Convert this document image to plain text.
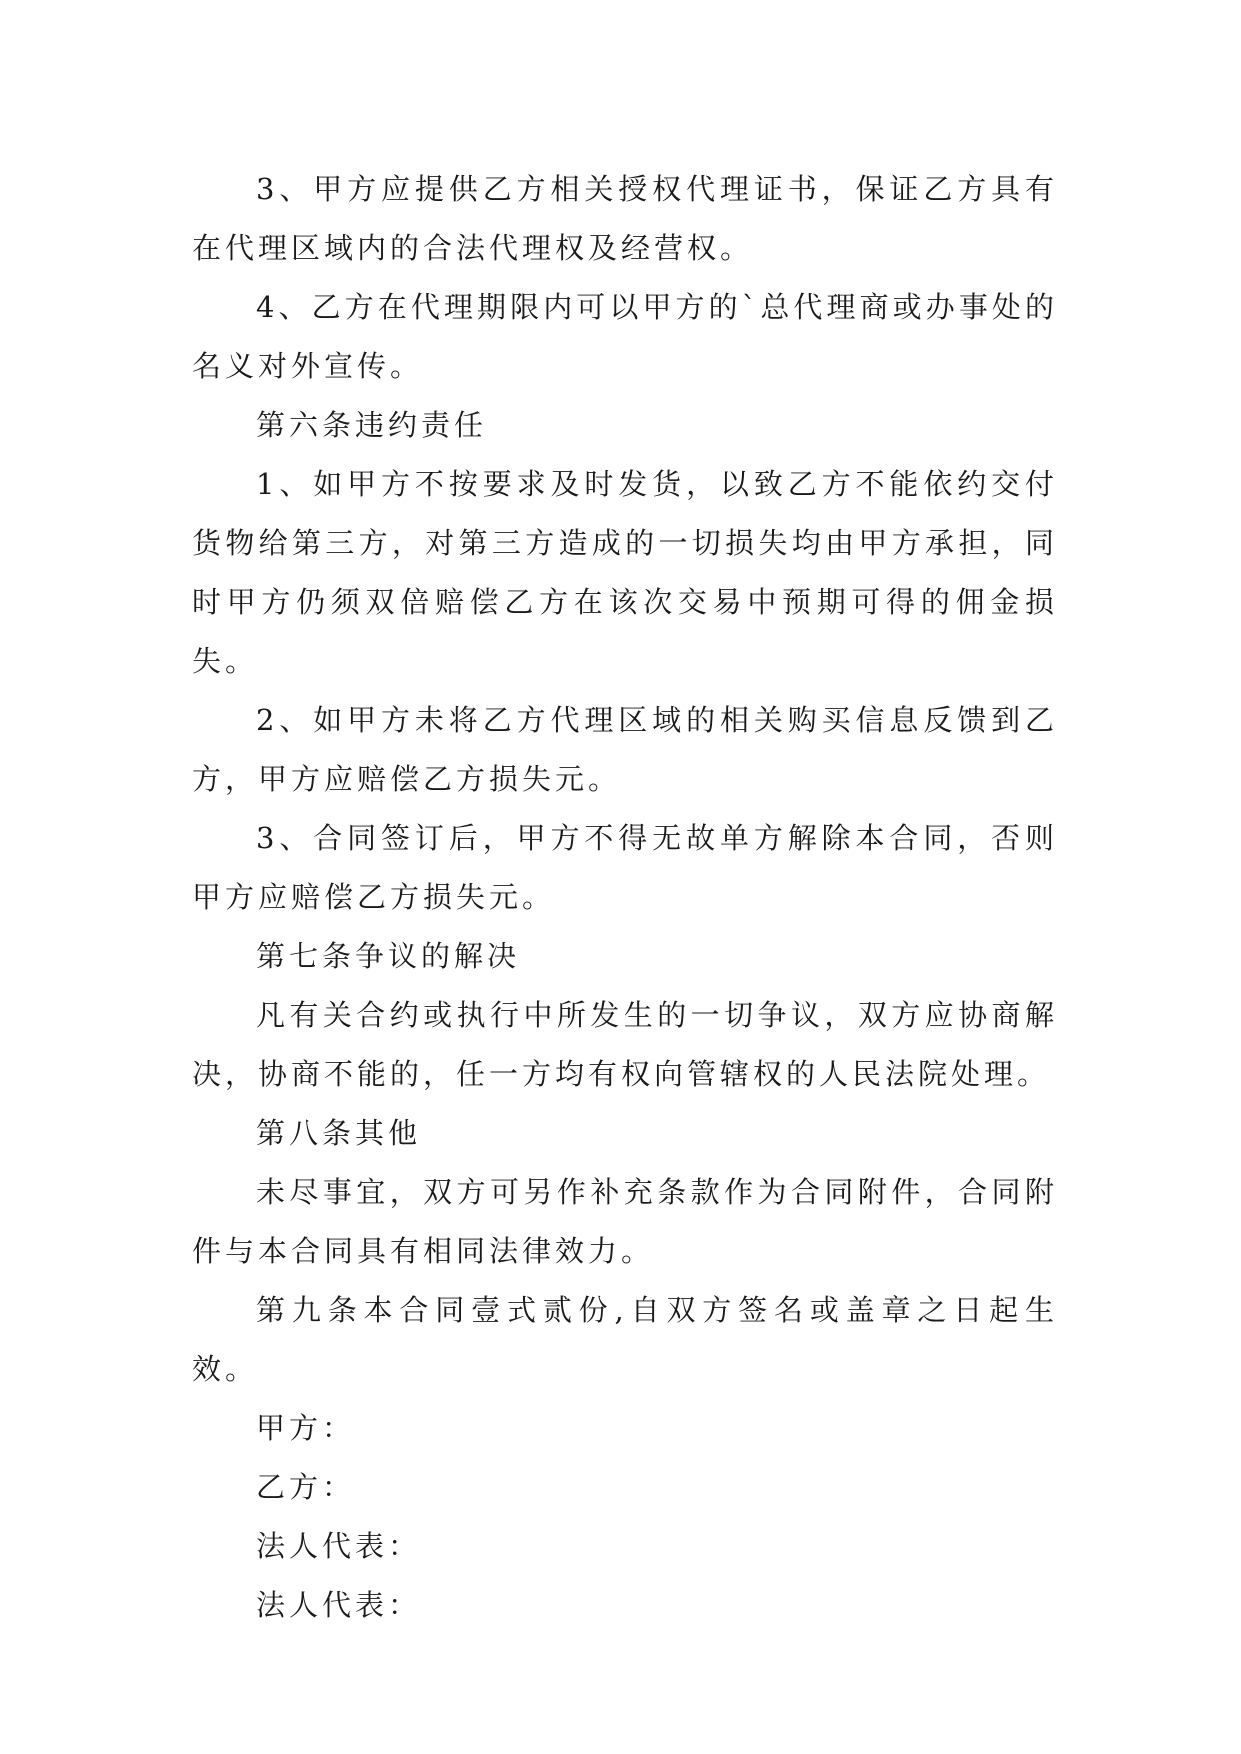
3、甲方应提供乙方相关授权代理证书，保证乙方具有在代理区域内的合法代理权及经营权。

4、乙方在代理期限内可以甲方的`总代理商或办事处的名义对外宣传。

第六条违约责任

1、如甲方不按要求及时发货，以致乙方不能依约交付货物给第三方，对第三方造成的一切损失均由甲方承担，同时甲方仍须双倍赔偿乙方在该次交易中预期可得的佣金损失。

2、如甲方未将乙方代理区域的相关购买信息反馈到乙方，甲方应赔偿乙方损失元。

3、合同签订后，甲方不得无故单方解除本合同，否则甲方应赔偿乙方损失元。

第七条争议的解决

凡有关合约或执行中所发生的一切争议，双方应协商解决，协商不能的，任一方均有权向管辖权的人民法院处理。

第八条其他

未尽事宜，双方可另作补充条款作为合同附件，合同附件与本合同具有相同法律效力。

第九条本合同壹式贰份,自双方签名或盖章之日起生效。

甲方：

乙方：

法人代表：

法人代表：
